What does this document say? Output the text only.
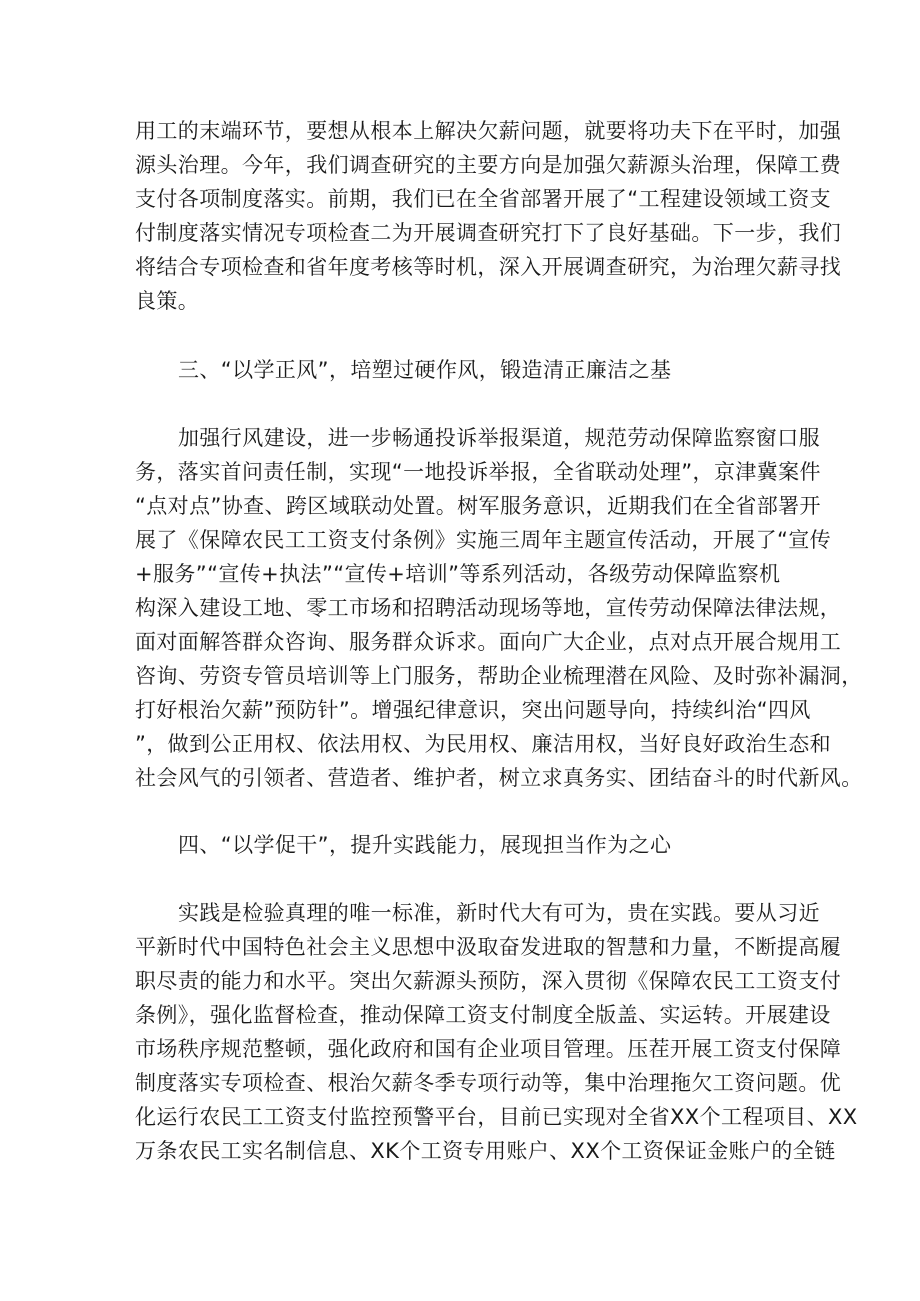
用工的末端环节，要想从根本上解决欠薪问题，就要将功夫下在平时，加强
源头治理。今年，我们调查研究的主要方向是加强欠薪源头治理，保障工费
支付各项制度落实。前期，我们已在全省部署开展了“工程建设领域工资支
付制度落实情况专项检查二为开展调查研究打下了良好基础。下一步，我们
将结合专项检查和省年度考核等时机，深入开展调查研究，为治理欠薪寻找
良策。
三、“以学正风”，培塑过硬作风，锻造清正廉洁之基
加强行风建设，进一步畅通投诉举报渠道，规范劳动保障监察窗口服
务，落实首问责任制，实现“一地投诉举报，全省联动处理”，京津冀案件
“点对点”协查、跨区域联动处置。树军服务意识，近期我们在全省部署开
展了《保障农民工工资支付条例》实施三周年主题宣传活动，开展了“宣传
+服务”“宣传+执法”“宣传+培训”等系列活动，各级劳动保障监察机
构深入建设工地、零工市场和招聘活动现场等地，宣传劳动保障法律法规，
面对面解答群众咨询、服务群众诉求。面向广大企业，点对点开展合规用工
咨询、劳资专管员培训等上门服务，帮助企业梳理潜在风险、及时弥补漏洞，
打好根治欠薪”预防针”。增强纪律意识，突出问题导向，持续纠治“四风
”，做到公正用权、依法用权、为民用权、廉洁用权，当好良好政治生态和
社会风气的引领者、营造者、维护者，树立求真务实、团结奋斗的时代新风。
四、“以学促干”，提升实践能力，展现担当作为之心
实践是检验真理的唯一标准，新时代大有可为，贵在实践。要从习近
平新时代中国特色社会主义思想中汲取奋发进取的智慧和力量，不断提高履
职尽责的能力和水平。突出欠薪源头预防，深入贯彻《保障农民工工资支付
条例》，强化监督检查，推动保障工资支付制度全版盖、实运转。开展建设
市场秩序规范整顿，强化政府和国有企业项目管理。压茬开展工资支付保障
制度落实专项检查、根治欠薪冬季专项行动等，集中治理拖欠工资问题。优
化运行农民工工资支付监控预警平台，目前已实现对全省XX个工程项目、XX
万条农民工实名制信息、XK个工资专用账户、XX个工资保证金账户的全链
